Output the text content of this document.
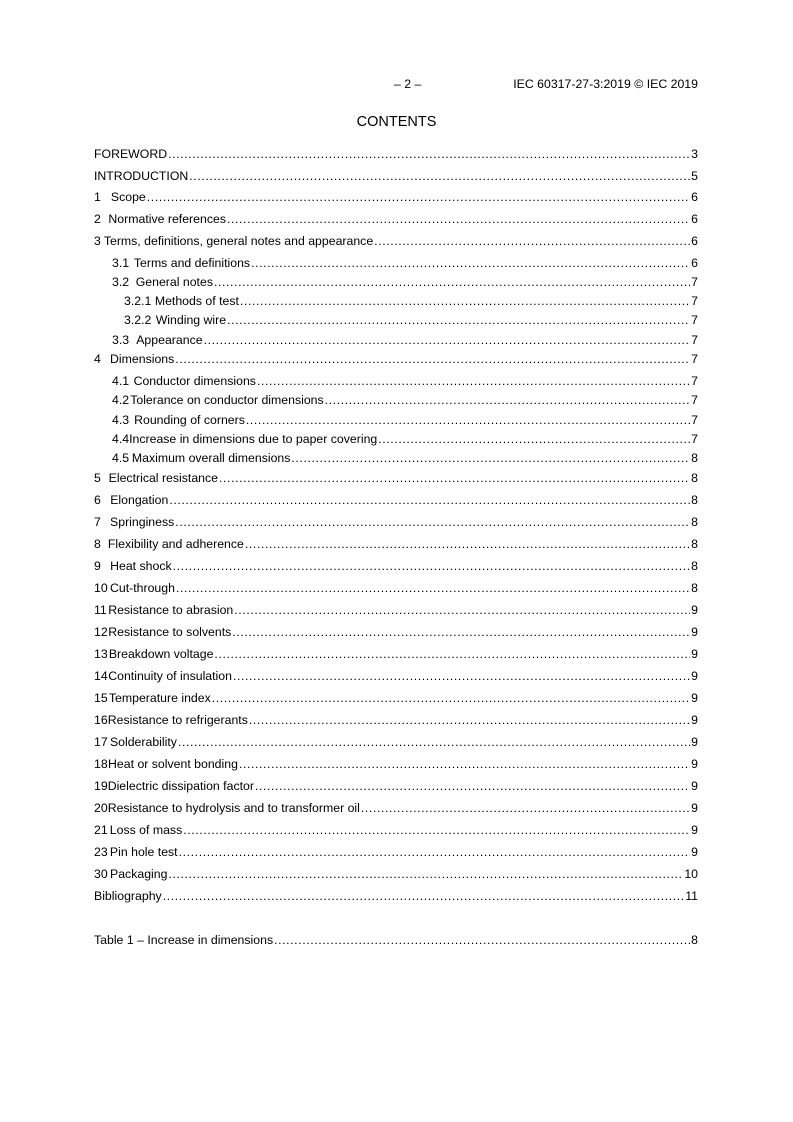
– 2 –	IEC 60317-27-3:2019 © IEC 2019
CONTENTS
FOREWORD .....	3
INTRODUCTION .....	5
1 Scope .....	6
2 Normative references .....	6
3 Terms, definitions, general notes and appearance .....	6
3.1 Terms and definitions .....	6
3.2 General notes .....	7
3.2.1 Methods of test .....	7
3.2.2 Winding wire .....	7
3.3 Appearance .....	7
4 Dimensions .....	7
4.1 Conductor dimensions .....	7
4.2 Tolerance on conductor dimensions .....	7
4.3 Rounding of corners .....	7
4.4 Increase in dimensions due to paper covering .....	7
4.5 Maximum overall dimensions .....	8
5 Electrical resistance .....	8
6 Elongation .....	8
7 Springiness .....	8
8 Flexibility and adherence .....	8
9 Heat shock .....	8
10 Cut-through .....	8
11 Resistance to abrasion .....	9
12 Resistance to solvents .....	9
13 Breakdown voltage .....	9
14 Continuity of insulation .....	9
15 Temperature index .....	9
16 Resistance to refrigerants .....	9
17 Solderability .....	9
18 Heat or solvent bonding .....	9
19 Dielectric dissipation factor .....	9
20 Resistance to hydrolysis and to transformer oil .....	9
21 Loss of mass .....	9
23 Pin hole test .....	9
30 Packaging .....	10
Bibliography .....	11
Table 1 – Increase in dimensions .....	8
